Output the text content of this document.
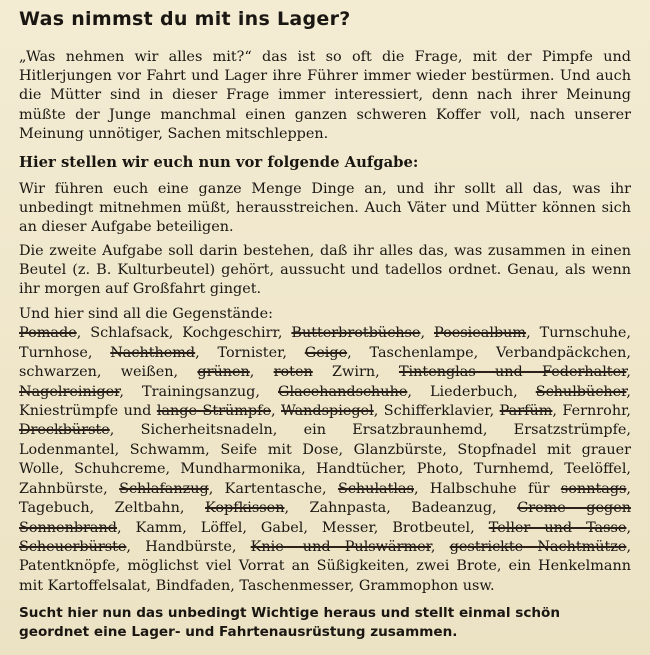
Was nimmst du mit ins Lager?

„Was nehmen wir alles mit?“ das ist so oft die Frage, mit der Pimpfe und Hitlerjungen vor Fahrt und Lager ihre Führer immer wieder bestürmen. Und auch die Mütter sind in dieser Frage immer interessiert, denn nach ihrer Meinung müßte der Junge manchmal einen ganzen schweren Koffer voll, nach unserer Meinung unnötiger, Sachen mitschleppen.

Hier stellen wir euch nun vor folgende Aufgabe:

Wir führen euch eine ganze Menge Dinge an, und ihr sollt all das, was ihr unbedingt mitnehmen müßt, herausstreichen. Auch Väter und Mütter können sich an dieser Aufgabe beteiligen.

Die zweite Aufgabe soll darin bestehen, daß ihr alles das, was zusammen in einen Beutel (z. B. Kulturbeutel) gehört, aussucht und tadellos ordnet. Genau, als wenn ihr morgen auf Großfahrt ginget.

Und hier sind all die Gegenstände:

Pomade, Schlafsack, Kochgeschirr, Butterbrotbüchse, Poesiealbum, Turnschuhe, Turnhose, Nachthemd, Tornister, Geige, Taschenlampe, Verbandpäckchen, schwarzen, weißen, grünen, roten Zwirn, Tintenglas und Federhalter, Nagelreiniger, Trainingsanzug, Glacehandschuhe, Liederbuch, Schulbücher, Kniestrümpfe und lange Strümpfe, Wandspiegel, Schifferklavier, Parfüm, Fernrohr, Dreckbürste, Sicherheitsnadeln, ein Ersatzbraunhemd, Ersatzstrümpfe, Lodenmantel, Schwamm, Seife mit Dose, Glanzbürste, Stopfnadel mit grauer Wolle, Schuhcreme, Mundharmonika, Handtücher, Photo, Turnhemd, Teelöffel, Zahnbürste, Schlafanzug, Kartentasche, Schulatlas, Halbschuhe für sonntags, Tagebuch, Zeltbahn, Kopfkissen, Zahnpasta, Badeanzug, Creme gegen Sonnenbrand, Kamm, Löffel, Gabel, Messer, Brotbeutel, Teller und Tasse, Scheuerbürste, Handbürste, Knie- und Pulswärmer, gestrickte Nachtmütze, Patentknöpfe, möglichst viel Vorrat an Süßigkeiten, zwei Brote, ein Henkelmann mit Kartoffelsalat, Bindfaden, Taschenmesser, Grammophon usw.

Sucht hier nun das unbedingt Wichtige heraus und stellt einmal schön geordnet eine Lager- und Fahrtenausrüstung zusammen.
